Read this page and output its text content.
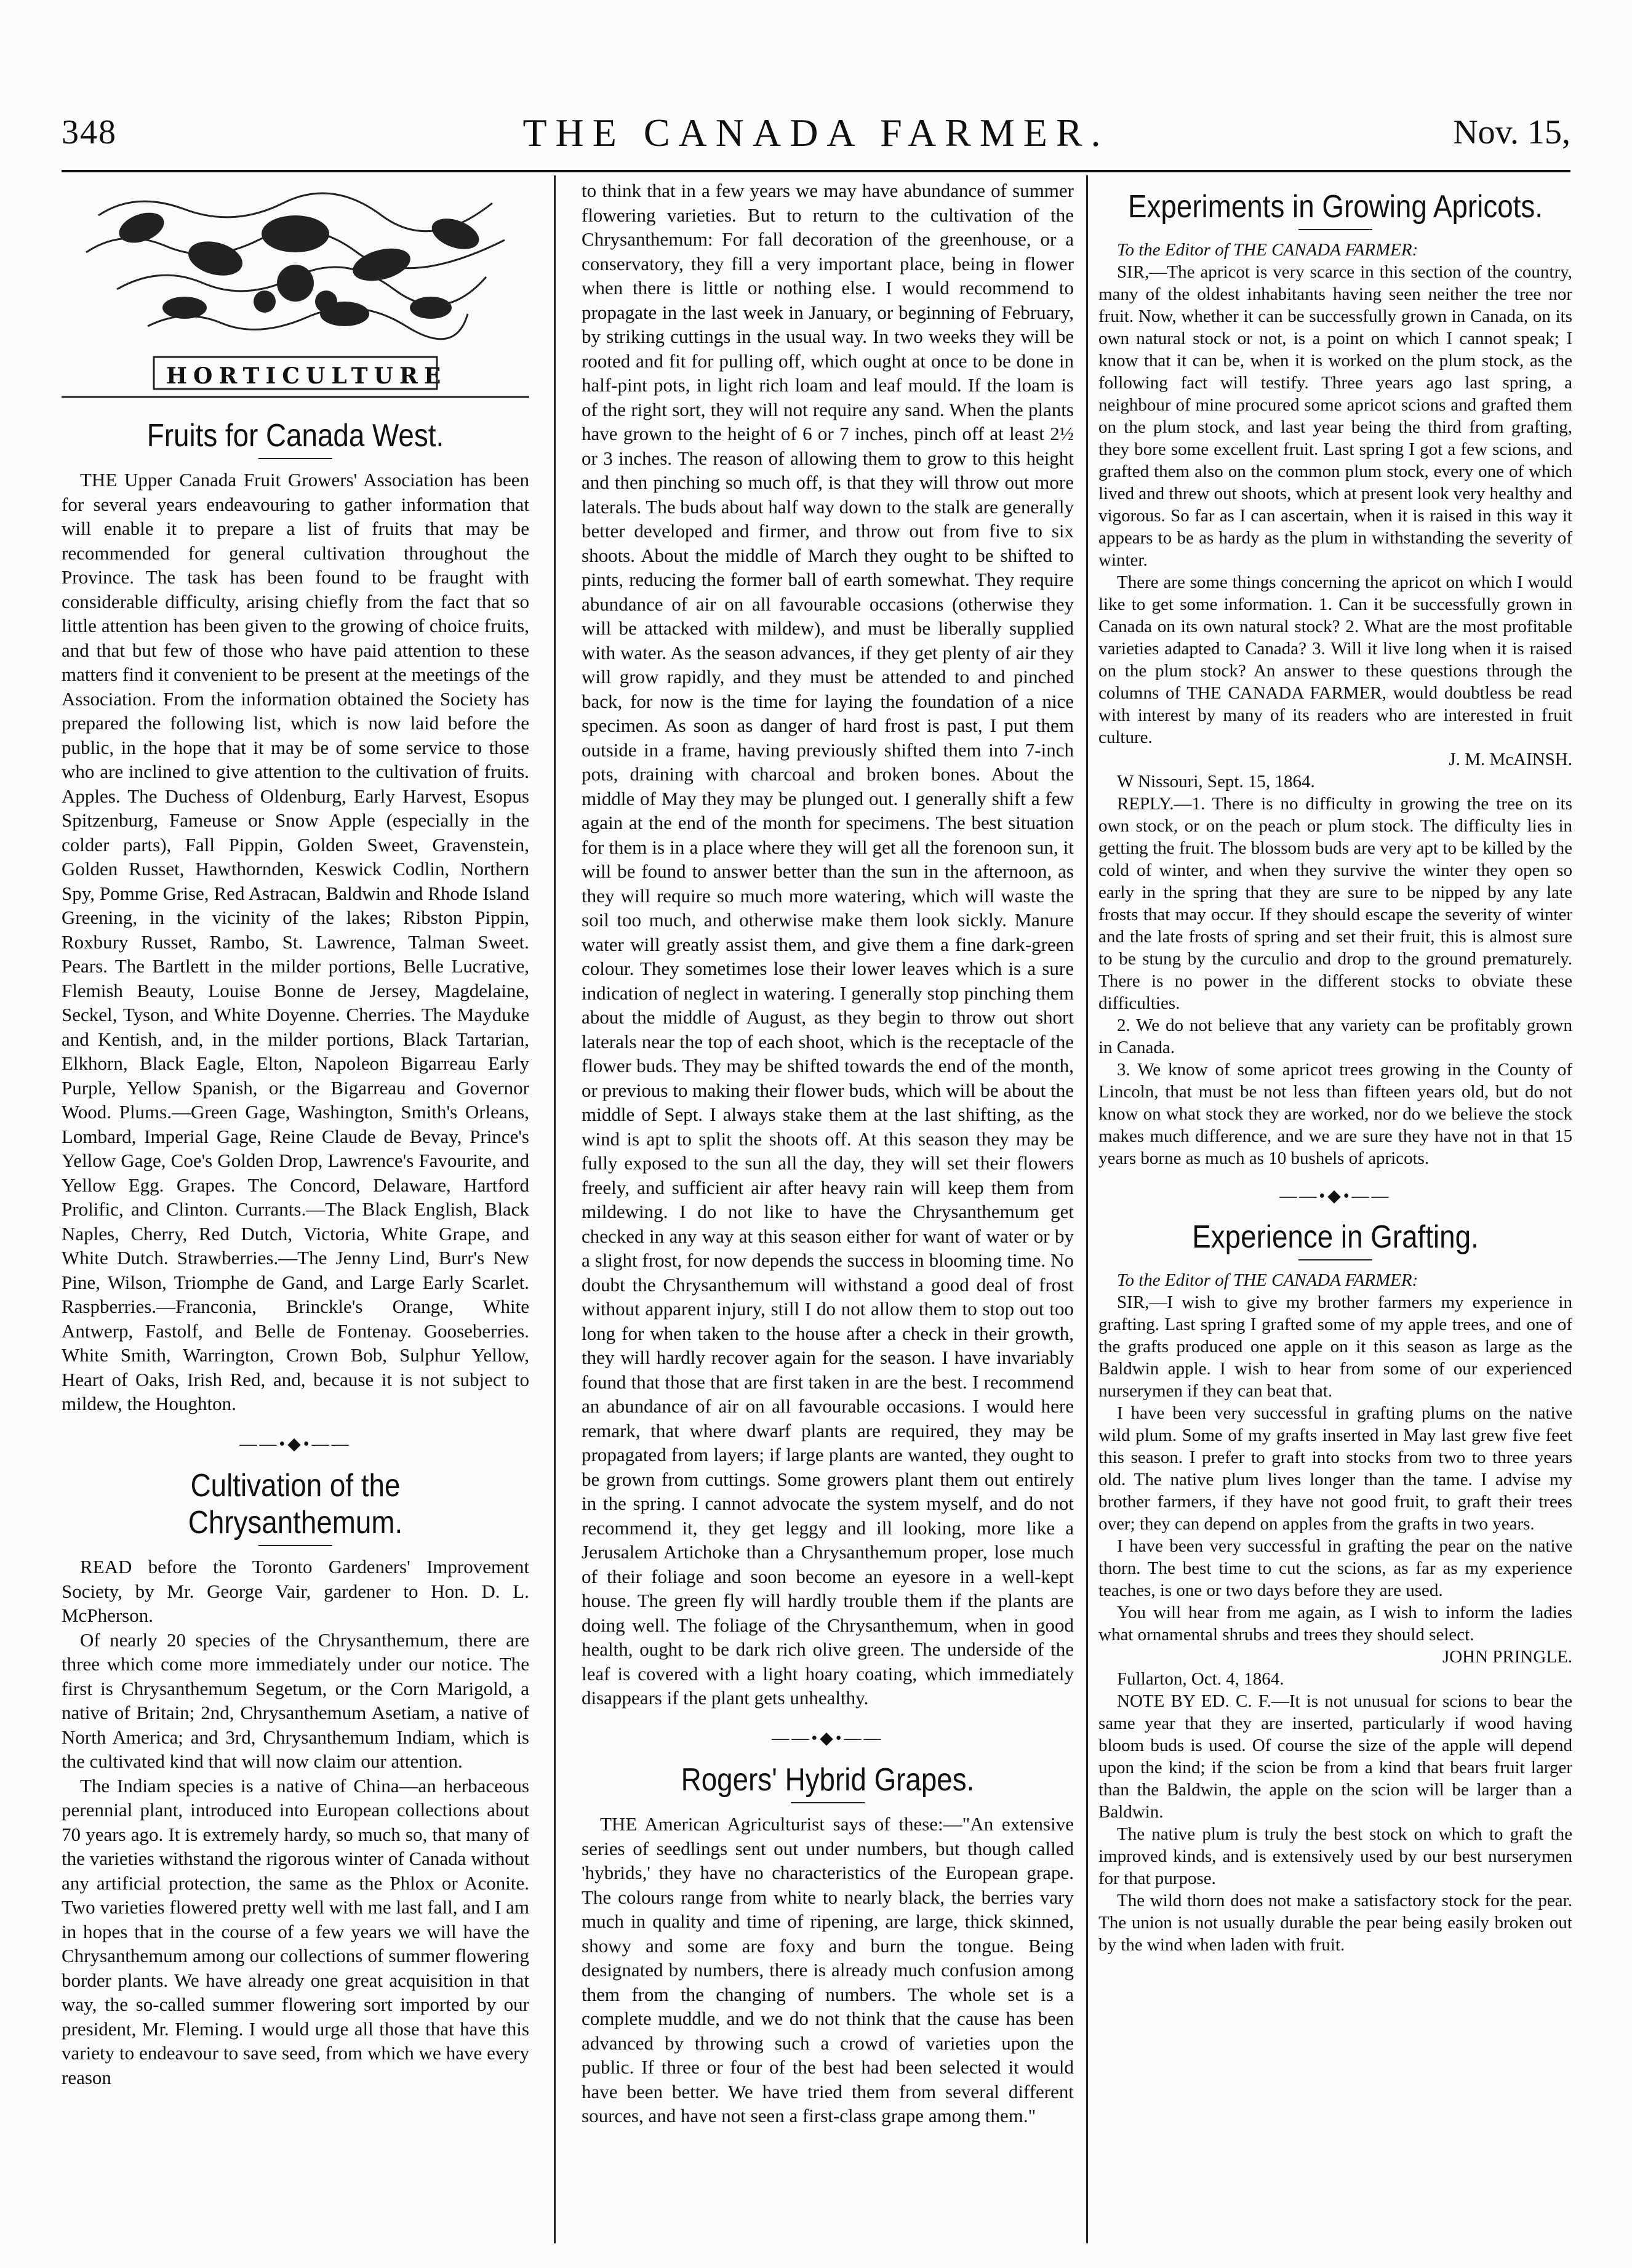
348	THE CANADA FARMER.	Nov. 15,
HORTICULTURE
Fruits for Canada West.

THE Upper Canada Fruit Growers' Association has been for several years endeavouring to gather information that will enable it to prepare a list of fruits that may be recommended for general cultivation throughout the Province. The task has been found to be fraught with considerable difficulty, arising chiefly from the fact that so little attention has been given to the growing of choice fruits, and that but few of those who have paid attention to these matters find it convenient to be present at the meetings of the Association. From the information obtained the Society has prepared the following list, which is now laid before the public, in the hope that it may be of some service to those who are inclined to give attention to the cultivation of fruits. Apples. The Duchess of Oldenburg, Early Harvest, Esopus Spitzenburg, Fameuse or Snow Apple (especially in the colder parts), Fall Pippin, Golden Sweet, Gravenstein, Golden Russet, Hawthornden, Keswick Codlin, Northern Spy, Pomme Grise, Red Astracan, Baldwin and Rhode Island Greening, in the vicinity of the lakes; Ribston Pippin, Roxbury Russet, Rambo, St. Lawrence, Talman Sweet. Pears. The Bartlett in the milder portions, Belle Lucrative, Flemish Beauty, Louise Bonne de Jersey, Magdelaine, Seckel, Tyson, and White Doyenne. Cherries. The Mayduke and Kentish, and, in the milder portions, Black Tartarian, Elkhorn, Black Eagle, Elton, Napoleon Bigarreau Early Purple, Yellow Spanish, or the Bigarreau and Governor Wood. Plums.—Green Gage, Washington, Smith's Orleans, Lombard, Imperial Gage, Reine Claude de Bevay, Prince's Yellow Gage, Coe's Golden Drop, Lawrence's Favourite, and Yellow Egg. Grapes. The Concord, Delaware, Hartford Prolific, and Clinton. Currants.—The Black English, Black Naples, Cherry, Red Dutch, Victoria, White Grape, and White Dutch. Strawberries.—The Jenny Lind, Burr's New Pine, Wilson, Triomphe de Gand, and Large Early Scarlet. Raspberries.—Franconia, Brinckle's Orange, White Antwerp, Fastolf, and Belle de Fontenay. Gooseberries. White Smith, Warrington, Crown Bob, Sulphur Yellow, Heart of Oaks, Irish Red, and, because it is not subject to mildew, the Houghton.

——•◆•——
Cultivation of the Chrysanthemum.

READ before the Toronto Gardeners' Improvement Society, by Mr. George Vair, gardener to Hon. D. L. McPherson.

Of nearly 20 species of the Chrysanthemum, there are three which come more immediately under our notice. The first is Chrysanthemum Segetum, or the Corn Marigold, a native of Britain; 2nd, Chrysanthemum Asetiam, a native of North America; and 3rd, Chrysanthemum Indiam, which is the cultivated kind that will now claim our attention.

The Indiam species is a native of China—an herbaceous perennial plant, introduced into European collections about 70 years ago. It is extremely hardy, so much so, that many of the varieties withstand the rigorous winter of Canada without any artificial protection, the same as the Phlox or Aconite. Two varieties flowered pretty well with me last fall, and I am in hopes that in the course of a few years we will have the Chrysanthemum among our collections of summer flowering border plants. We have already one great acquisition in that way, the so-called summer flowering sort imported by our president, Mr. Fleming. I would urge all those that have this variety to endeavour to save seed, from which we have every reason

to think that in a few years we may have abundance of summer flowering varieties. But to return to the cultivation of the Chrysanthemum: For fall decoration of the greenhouse, or a conservatory, they fill a very important place, being in flower when there is little or nothing else. I would recommend to propagate in the last week in January, or beginning of February, by striking cuttings in the usual way. In two weeks they will be rooted and fit for pulling off, which ought at once to be done in half-pint pots, in light rich loam and leaf mould. If the loam is of the right sort, they will not require any sand. When the plants have grown to the height of 6 or 7 inches, pinch off at least 2½ or 3 inches. The reason of allowing them to grow to this height and then pinching so much off, is that they will throw out more laterals. The buds about half way down to the stalk are generally better developed and firmer, and throw out from five to six shoots. About the middle of March they ought to be shifted to pints, reducing the former ball of earth somewhat. They require abundance of air on all favourable occasions (otherwise they will be attacked with mildew), and must be liberally supplied with water. As the season advances, if they get plenty of air they will grow rapidly, and they must be attended to and pinched back, for now is the time for laying the foundation of a nice specimen. As soon as danger of hard frost is past, I put them outside in a frame, having previously shifted them into 7-inch pots, draining with charcoal and broken bones. About the middle of May they may be plunged out. I generally shift a few again at the end of the month for specimens. The best situation for them is in a place where they will get all the forenoon sun, it will be found to answer better than the sun in the afternoon, as they will require so much more watering, which will waste the soil too much, and otherwise make them look sickly. Manure water will greatly assist them, and give them a fine dark-green colour. They sometimes lose their lower leaves which is a sure indication of neglect in watering. I generally stop pinching them about the middle of August, as they begin to throw out short laterals near the top of each shoot, which is the receptacle of the flower buds. They may be shifted towards the end of the month, or previous to making their flower buds, which will be about the middle of Sept. I always stake them at the last shifting, as the wind is apt to split the shoots off. At this season they may be fully exposed to the sun all the day, they will set their flowers freely, and sufficient air after heavy rain will keep them from mildewing. I do not like to have the Chrysanthemum get checked in any way at this season either for want of water or by a slight frost, for now depends the success in blooming time. No doubt the Chrysanthemum will withstand a good deal of frost without apparent injury, still I do not allow them to stop out too long for when taken to the house after a check in their growth, they will hardly recover again for the season. I have invariably found that those that are first taken in are the best. I recommend an abundance of air on all favourable occasions. I would here remark, that where dwarf plants are required, they may be propagated from layers; if large plants are wanted, they ought to be grown from cuttings. Some growers plant them out entirely in the spring. I cannot advocate the system myself, and do not recommend it, they get leggy and ill looking, more like a Jerusalem Artichoke than a Chrysanthemum proper, lose much of their foliage and soon become an eyesore in a well-kept house. The green fly will hardly trouble them if the plants are doing well. The foliage of the Chrysanthemum, when in good health, ought to be dark rich olive green. The underside of the leaf is covered with a light hoary coating, which immediately disappears if the plant gets unhealthy.

——•◆•——
Rogers' Hybrid Grapes.

THE American Agriculturist says of these:—"An extensive series of seedlings sent out under numbers, but though called 'hybrids,' they have no characteristics of the European grape. The colours range from white to nearly black, the berries vary much in quality and time of ripening, are large, thick skinned, showy and some are foxy and burn the tongue. Being designated by numbers, there is already much confusion among them from the changing of numbers. The whole set is a complete muddle, and we do not think that the cause has been advanced by throwing such a crowd of varieties upon the public. If three or four of the best had been selected it would have been better. We have tried them from several different sources, and have not seen a first-class grape among them."

Experiments in Growing Apricots.

To the Editor of THE CANADA FARMER:

SIR,—The apricot is very scarce in this section of the country, many of the oldest inhabitants having seen neither the tree nor fruit. Now, whether it can be successfully grown in Canada, on its own natural stock or not, is a point on which I cannot speak; I know that it can be, when it is worked on the plum stock, as the following fact will testify. Three years ago last spring, a neighbour of mine procured some apricot scions and grafted them on the plum stock, and last year being the third from grafting, they bore some excellent fruit. Last spring I got a few scions, and grafted them also on the common plum stock, every one of which lived and threw out shoots, which at present look very healthy and vigorous. So far as I can ascertain, when it is raised in this way it appears to be as hardy as the plum in withstanding the severity of winter.

There are some things concerning the apricot on which I would like to get some information. 1. Can it be successfully grown in Canada on its own natural stock? 2. What are the most profitable varieties adapted to Canada? 3. Will it live long when it is raised on the plum stock? An answer to these questions through the columns of THE CANADA FARMER, would doubtless be read with interest by many of its readers who are interested in fruit culture.

J. M. McAINSH.

W Nissouri, Sept. 15, 1864.

REPLY.—1. There is no difficulty in growing the tree on its own stock, or on the peach or plum stock. The difficulty lies in getting the fruit. The blossom buds are very apt to be killed by the cold of winter, and when they survive the winter they open so early in the spring that they are sure to be nipped by any late frosts that may occur. If they should escape the severity of winter and the late frosts of spring and set their fruit, this is almost sure to be stung by the curculio and drop to the ground prematurely. There is no power in the different stocks to obviate these difficulties.

2. We do not believe that any variety can be profitably grown in Canada.

3. We know of some apricot trees growing in the County of Lincoln, that must be not less than fifteen years old, but do not know on what stock they are worked, nor do we believe the stock makes much difference, and we are sure they have not in that 15 years borne as much as 10 bushels of apricots.

——•◆•——
Experience in Grafting.

To the Editor of THE CANADA FARMER:

SIR,—I wish to give my brother farmers my experience in grafting. Last spring I grafted some of my apple trees, and one of the grafts produced one apple on it this season as large as the Baldwin apple. I wish to hear from some of our experienced nurserymen if they can beat that.

I have been very successful in grafting plums on the native wild plum. Some of my grafts inserted in May last grew five feet this season. I prefer to graft into stocks from two to three years old. The native plum lives longer than the tame. I advise my brother farmers, if they have not good fruit, to graft their trees over; they can depend on apples from the grafts in two years.

I have been very successful in grafting the pear on the native thorn. The best time to cut the scions, as far as my experience teaches, is one or two days before they are used.

You will hear from me again, as I wish to inform the ladies what ornamental shrubs and trees they should select.

JOHN PRINGLE.

Fullarton, Oct. 4, 1864.

NOTE BY ED. C. F.—It is not unusual for scions to bear the same year that they are inserted, particularly if wood having bloom buds is used. Of course the size of the apple will depend upon the kind; if the scion be from a kind that bears fruit larger than the Baldwin, the apple on the scion will be larger than a Baldwin.

The native plum is truly the best stock on which to graft the improved kinds, and is extensively used by our best nurserymen for that purpose.

The wild thorn does not make a satisfactory stock for the pear. The union is not usually durable the pear being easily broken out by the wind when laden with fruit.
